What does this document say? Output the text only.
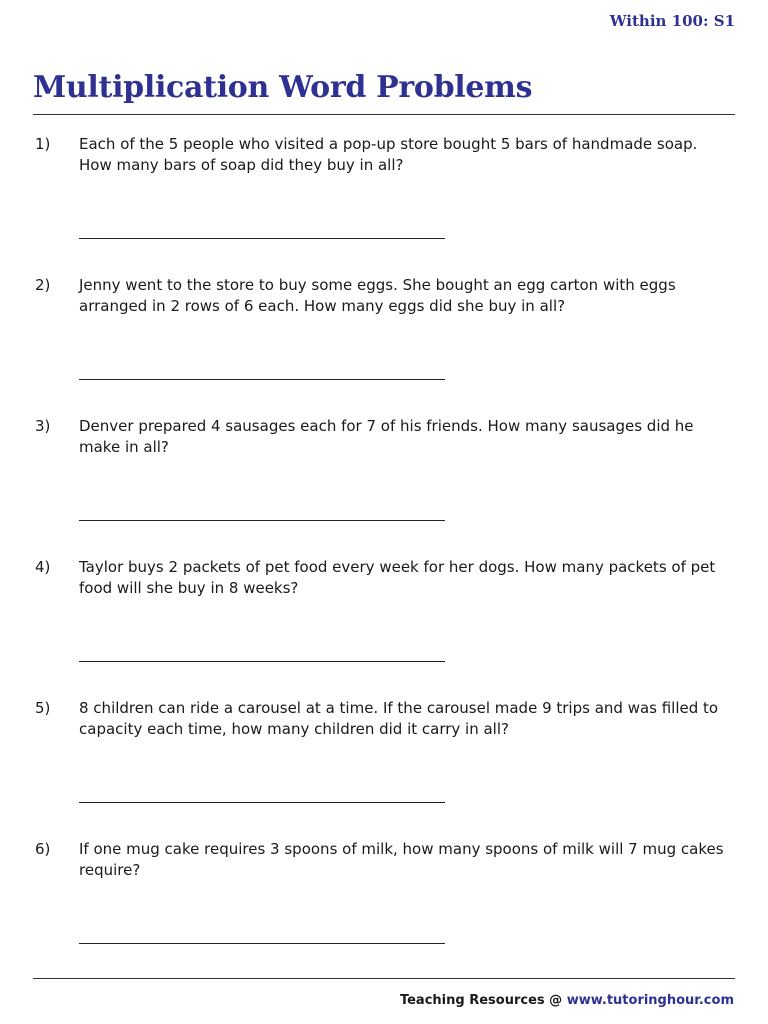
Within 100: S1
Multiplication Word Problems
1) Each of the 5 people who visited a pop-up store bought 5 bars of handmade soap. How many bars of soap did they buy in all?
2) Jenny went to the store to buy some eggs. She bought an egg carton with eggs arranged in 2 rows of 6 each. How many eggs did she buy in all?
3) Denver prepared 4 sausages each for 7 of his friends. How many sausages did he make in all?
4) Taylor buys 2 packets of pet food every week for her dogs. How many packets of pet food will she buy in 8 weeks?
5) 8 children can ride a carousel at a time. If the carousel made 9 trips and was filled to capacity each time, how many children did it carry in all?
6) If one mug cake requires 3 spoons of milk, how many spoons of milk will 7 mug cakes require?
Teaching Resources @ www.tutoringhour.com
